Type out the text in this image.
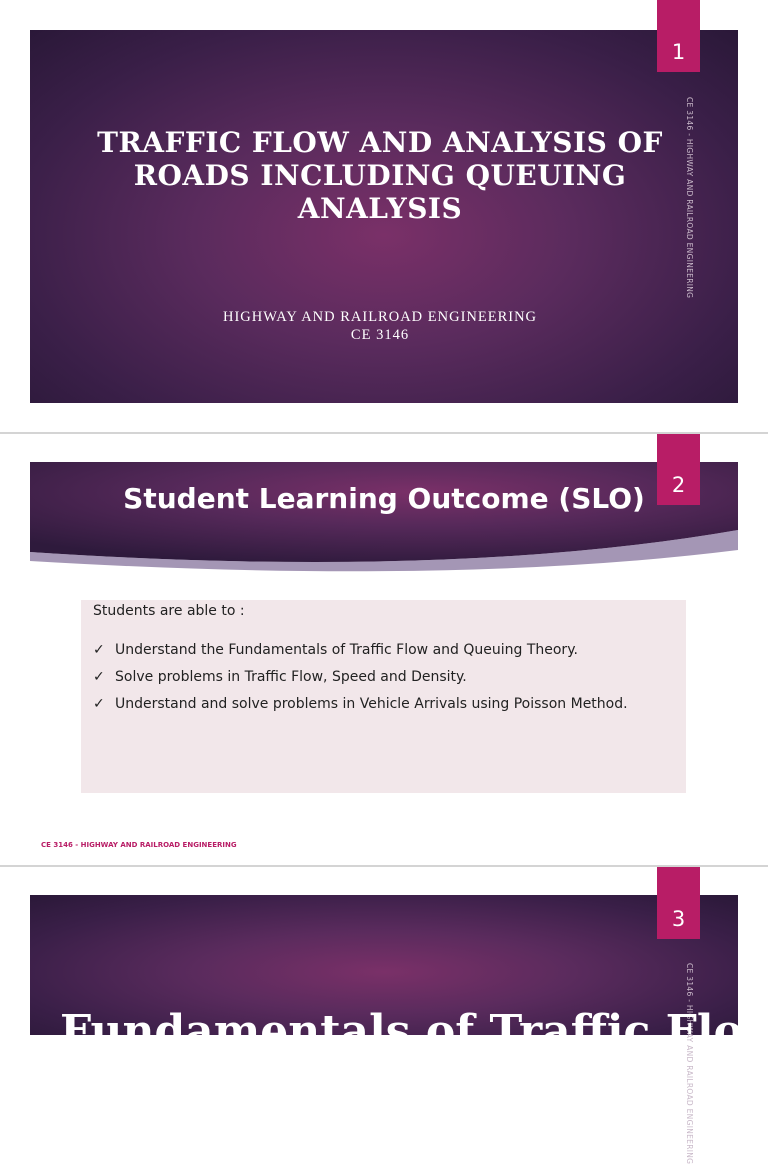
1
CE 3146 - HIGHWAY AND RAILROAD ENGINEERING
TRAFFIC FLOW AND ANALYSIS OF ROADS INCLUDING QUEUING ANALYSIS
HIGHWAY AND RAILROAD ENGINEERING
CE 3146
2
Student Learning Outcome (SLO)

Students are able to :

✓ Understand the Fundamentals of Traffic Flow and Queuing Theory.
✓ Solve problems in Traffic Flow, Speed and Density.
✓ Understand and solve problems in Vehicle Arrivals using Poisson Method.
CE 3146 - HIGHWAY AND RAILROAD ENGINEERING
3
CE 3146 - HIGHWAY AND RAILROAD ENGINEERING
Fundamentals of Traffic Flow
